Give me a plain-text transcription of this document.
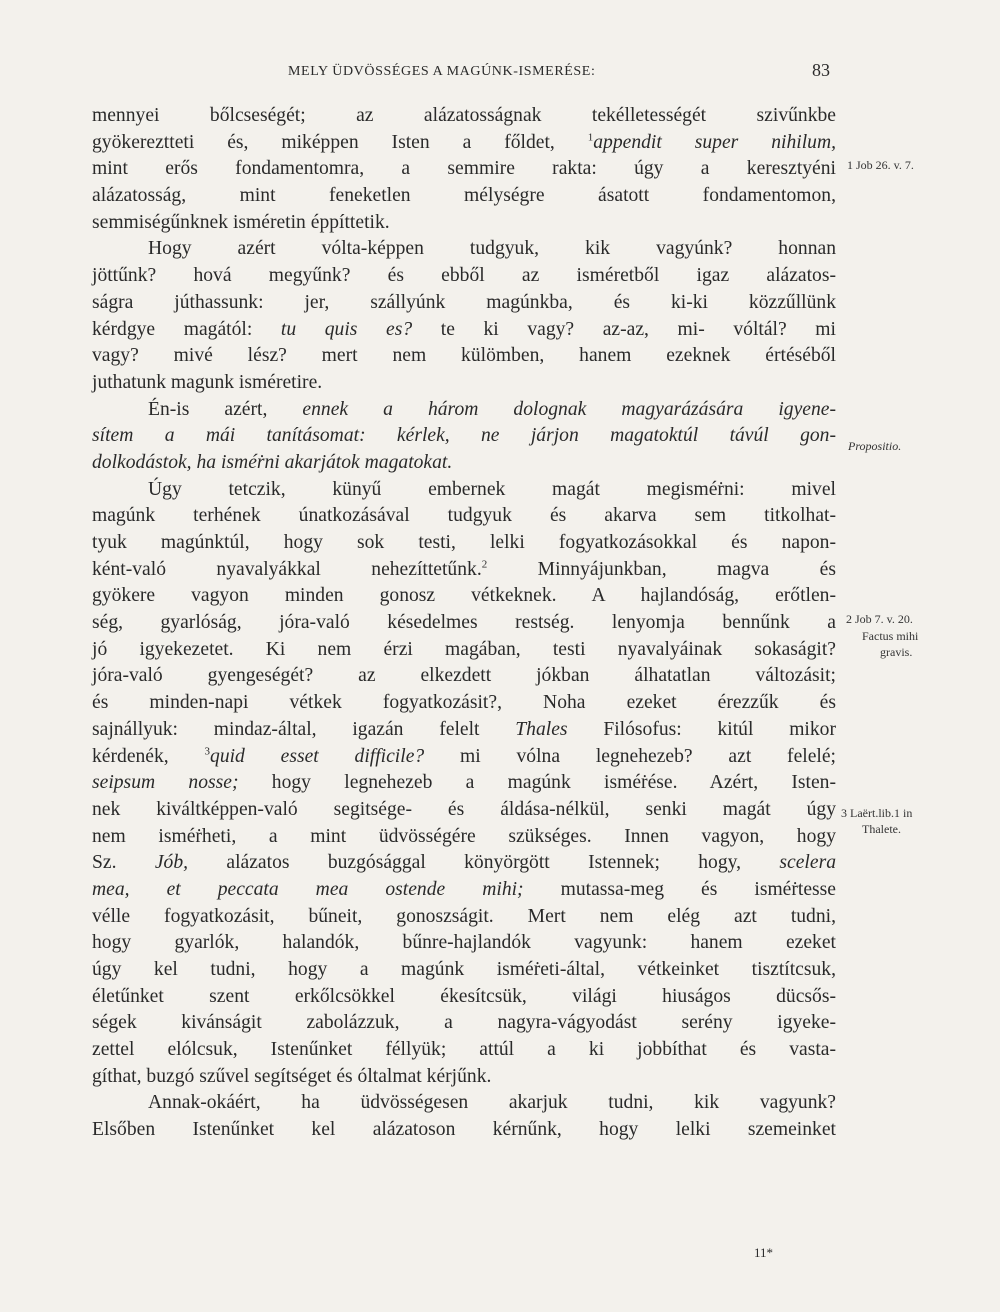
MELY ÜDVÖSSÉGES A MAGÚNK-ISMERÉSE:	83
mennyei bőlcseségét; az alázatosságnak tekélletességét szivűnkbe
gyökereztteti és, miképpen Isten a főldet,	$^1$appendit super nihilum,
mint erős fondamentomra, a semmire rakta: úgy a keresztyéni
alázatosság, mint feneketlen mélységre ásatott fondamentomon,
semmiségűnknek isméretin éppíttetik.
Hogy azért vólta-képpen tudgyuk, kik vagyúnk? honnan
jöttűnk? hová megyűnk? és ebből az isméretből igaz alázatos-
ságra júthassunk: jer, szállyúnk magúnkba, és ki-ki közzűllünk
kérdgye magától: tu quis es? te ki vagy? az-az, mi- vóltál? mi
vagy? mivé lész? mert nem külömben, hanem ezeknek értéséből
juthatunk magunk isméretire.
Én-is azért, ennek a három dolognak magyarázására igyene-
sítem a mái tanításomat: kérlek, ne járjon magatoktúl távúl gon-
dolkodástok, ha isméṙni akarjátok magatokat.
Úgy tetczik, künyű embernek magát megisméṙni: mivel
magúnk terhének únatkozásával tudgyuk és akarva sem titkolhat-
tyuk magúnktúl, hogy sok testi, lelki fogyatkozásokkal és napon-
ként-való nyavalyákkal nehezíttetűnk.$^2$	Minnyájunkban, magva és
gyökere vagyon minden gonosz vétkeknek. A hajlandóság, erőtlen-
ség, gyarlóság, jóra-való késedelmes restség. lenyomja bennűnk a
jó igyekezetet. Ki nem érzi magában, testi nyavalyáinak sokaságit?
jóra-való gyengeségét? az elkezdett jókban álhatatlan változásit;
és minden-napi vétkek fogyatkozásit?, Noha ezeket érezzűk és
sajnállyuk: mindaz-által, igazán felelt Thales Filósofus: kitúl mikor
kérdenék,	$^3$quid esset difficile? mi vólna legnehezeb? azt felelé;
seipsum nosse; hogy legnehezeb a magúnk isméṙése. Azért, Isten-
nek kiváltképpen-való segitsége- és áldása-nélkül, senki magát úgy
nem isméṙheti, a mint üdvösségére szükséges. Innen vagyon, hogy
Sz. Jób, alázatos buzgósággal könyörgött Istennek; hogy, scelera
mea, et peccata mea ostende mihi; mutassa-meg és isméṙtesse
vélle fogyatkozásit, bűneit, gonoszságit. Mert nem elég azt tudni,
hogy gyarlók, halandók, bűnre-hajlandók vagyunk: hanem ezeket
úgy kel tudni, hogy a magúnk isméṙeti-által, vétkeinket tisztítcsuk,
életűnket szent erkőlcsökkel ékesítcsük, világi hiuságos dücsős-
ségek kivánságit zabolázzuk, a nagyra-vágyodást serény igyeke-
zettel elólcsuk, Istenűnket féllyük; attúl a ki jobbíthat és vasta-
gíthat, buzgó szűvel segítséget és óltalmat kérjűnk.
Annak-okáért, ha üdvösségesen akarjuk tudni, kik vagyunk?
Elsőben Istenűnket kel alázatoson kérnűnk, hogy lelki szemeinket
1 Job 26. v. 7.
Propositio.
2 Job 7. v. 20.
Factus mihi
gravis.
3 Laërt.lib.1 in
Thalete.
11*
